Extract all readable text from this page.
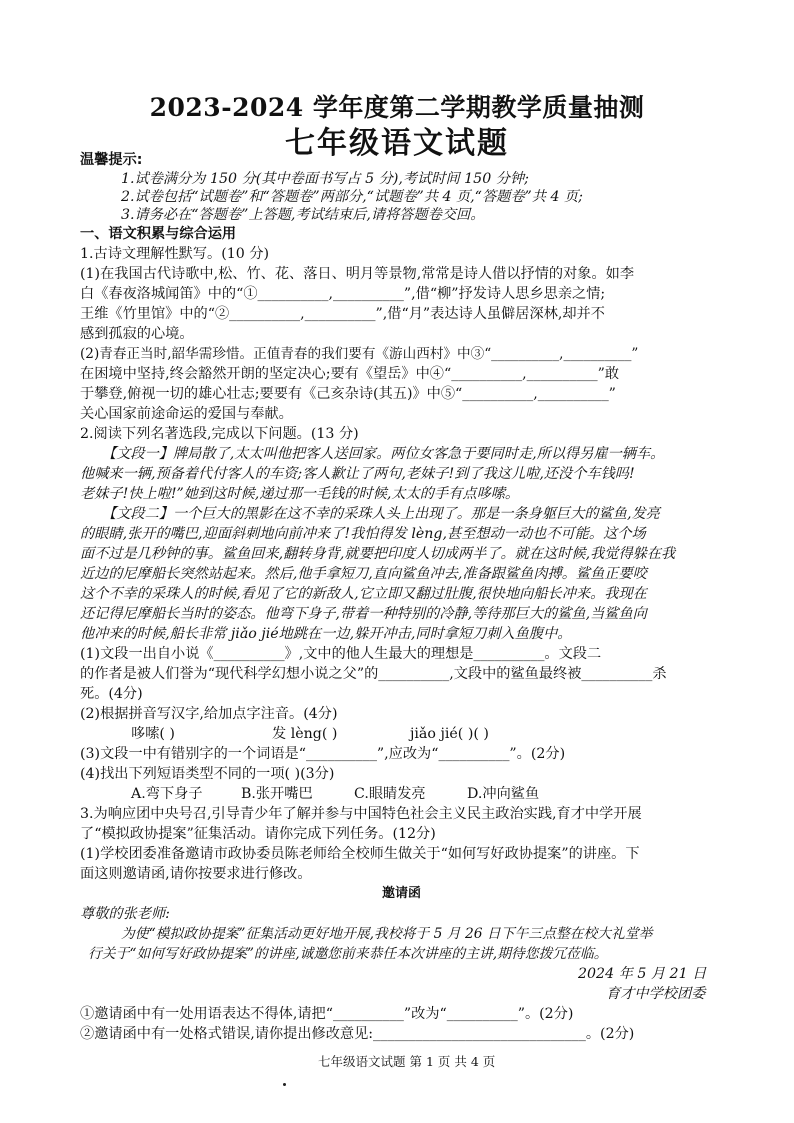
2023-2024 学年度第二学期教学质量抽测
七年级语文试题
温馨提示:
1.试卷满分为 150 分(其中卷面书写占 5 分),考试时间 150 分钟;
2.试卷包括“试题卷”和“答题卷”两部分,“试题卷”共 4 页,“答题卷”共 4 页;
3.请务必在“答题卷”上答题,考试结束后,请将答题卷交回。
一、语文积累与综合运用
1.古诗文理解性默写。(10 分)
(1)在我国古代诗歌中,松、竹、花、落日、明月等景物,常常是诗人借以抒情的对象。如李
白《春夜洛城闻笛》中的“①__________,__________”,借“柳”抒发诗人思乡思亲之情;
王维《竹里馆》中的“②__________,__________”,借“月”表达诗人虽僻居深林,却并不
感到孤寂的心境。
(2)青春正当时,韶华需珍惜。正值青春的我们要有《游山西村》中③“__________,__________”
在困境中坚持,终会豁然开朗的坚定决心;要有《望岳》中④“__________,__________”敢
于攀登,俯视一切的雄心壮志;要要有《己亥杂诗(其五)》中⑤“__________,__________”
关心国家前途命运的爱国与奉献。
2.阅读下列名著选段,完成以下问题。(13 分)
【文段一】牌局散了,太太叫他把客人送回家。两位女客急于要同时走,所以得另雇一辆车。
他喊来一辆,预备着代付客人的车资;客人歉让了两句,老妹子!到了我这儿啦,还没个车钱吗!
老妹子!快上啦!”她到这时候,递过那一毛钱的时候,太太的手有点哆嗦。
【文段二】一个巨大的黑影在这不幸的采珠人头上出现了。那是一条身躯巨大的鲨鱼,发亮
的眼睛,张开的嘴巴,迎面斜刺地向前冲来了!我怕得发 lèng,甚至想动一动也不可能。这个场
面不过是几秒钟的事。鲨鱼回来,翻转身背,就要把印度人切成两半了。就在这时候,我觉得躲在我
近边的尼摩船长突然站起来。然后,他手拿短刀,直向鲨鱼冲去,准备跟鲨鱼肉搏。鲨鱼正要咬
这个不幸的采珠人的时候,看见了它的新敌人,它立即又翻过肚腹,很快地向船长冲来。我现在
还记得尼摩船长当时的姿态。他弯下身子,带着一种特别的冷静,等待那巨大的鲨鱼,当鲨鱼向
他冲来的时候,船长非常 jiǎo jié地跳在一边,躲开冲击,同时拿短刀刺入鱼腹中。
(1)文段一出自小说《__________》,文中的他人生最大的理想是__________。文段二
的作者是被人们誉为“现代科学幻想小说之父”的__________,文段中的鲨鱼最终被__________杀
死。(4分)
(2)根据拼音写汉字,给加点字注音。(4分)
哆嗦( )	发 lèng( )	jiǎo jié( )( )
(3)文段一中有错别字的一个词语是“__________”,应改为“__________”。(2分)
(4)找出下列短语类型不同的一项( )(3分)
A.弯下身子	B.张开嘴巴	C.眼睛发亮	D.冲向鲨鱼
3.为响应团中央号召,引导青少年了解并参与中国特色社会主义民主政治实践,育才中学开展
了“模拟政协提案”征集活动。请你完成下列任务。(12分)
(1)学校团委准备邀请市政协委员陈老师给全校师生做关于“如何写好政协提案”的讲座。下
面这则邀请函,请你按要求进行修改。
邀请函
尊敬的张老师:
为使“模拟政协提案”征集活动更好地开展,我校将于 5 月 26 日下午三点整在校大礼堂举
行关于“如何写好政协提案”的讲座,诚邀您前来恭任本次讲座的主讲,期待您拨冗莅临。
2024 年 5 月 21 日
育才中学校团委
①邀请函中有一处用语表达不得体,请把“__________”改为“__________”。(2分)
②邀请函中有一处格式错误,请你提出修改意见:______________________________。(2分)
七年级语文试题 第 1 页 共 4 页
